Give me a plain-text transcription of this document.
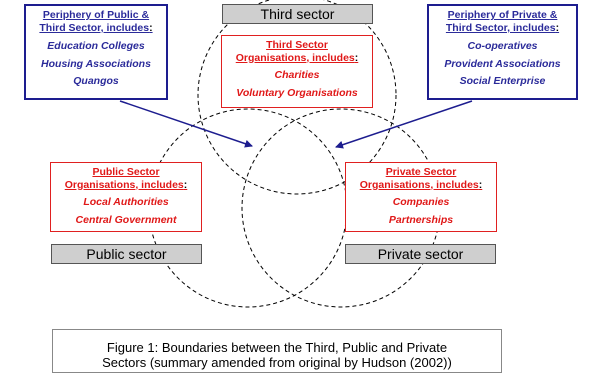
Third sector
Public sector	Private sector
Periphery of Public &
Third Sector, includes:
Education Colleges
Housing Associations
Quangos
Periphery of Private &
Third Sector, includes:
Co-operatives
Provident Associations
Social Enterprise
Third Sector
Organisations, includes:
Charities
Voluntary Organisations
Public Sector
Organisations, includes:
Local Authorities
Central Government
Private Sector
Organisations, includes:
Companies
Partnerships
Figure 1: Boundaries between the Third, Public and Private
Sectors (summary amended from original by Hudson (2002))
